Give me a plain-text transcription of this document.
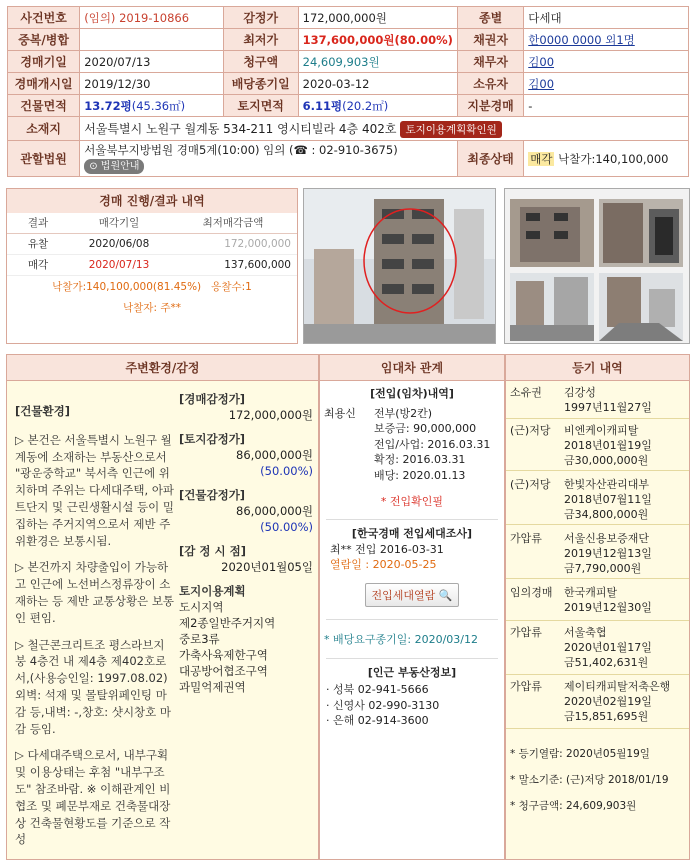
사건번호	(임의) 2019-10866	감정가	172,000,000원	종별	다세대
중복/병합		최저가	137,600,000원(80.00%)	채권자	한0000 0000 외1명
경매기일	2020/07/13	청구액	24,609,903원	채무자	김00
경매개시일	2019/12/30	배당종기일	2020-03-12	소유자	김00
건물면적	13.72평(45.36㎡)	토지면적	6.11평(20.2㎡)	지분경매	-
소재지	서울특별시 노원구 월계동 534-211 영시티빌라 4층 402호 토지이용계획확인원				
관할법원	서울북부지방법원 경매5계(10:00) 임의 (☎ : 02-910-3675)
⊙ 법원안내			최종상태	매각 낙찰가:140,100,000
경매 진행/결과 내역
결과	매각기일	최저매각금액
유찰	2020/06/08	172,000,000
매각	2020/07/13	137,600,000
낙찰가:140,100,000(81.45%) 응찰수:1
낙찰자: 주**
주변환경/감정

[건물환경]

▷ 본건은 서울특별시 노원구 월계동에 소재하는 부동산으로서 "광운중학교" 북서측 인근에 위치하며 주위는 다세대주택, 아파트단지 및 근린생활시설 등이 밀집하는 주거지역으로서 제반 주위환경은 보통시됨.

▷ 본건까지 차량출입이 가능하고 인근에 노선버스정류장이 소재하는 등 제반 교통상황은 보통인 편임.

▷ 철근콘크리트조 평스라브지붕 4층건 내 제4층 제402호로서,(사용승인일: 1997.08.02)외벽: 석재 및 몰탈위페인팅 마감 등,내벽: -,창호: 샷시창호 마감 등임.

▷ 다세대주택으로서, 내부구획 및 이용상태는 후첨 "내부구조도" 참조바람. ※ 이해관계인 비협조 및 폐문부재로 건축물대장상 건축물현황도를 기준으로 작성

[경매감정가]
172,000,000원
[토지감정가]
86,000,000원
(50.00%)
[건물감정가]
86,000,000원
(50.00%)
[감 정 시 점]
2020년01월05일
토지이용계획
도시지역
제2종일반주거지역
중로3류
가축사육제한구역
대공방어협조구역
과밀억제권역
임대차 관계
[전입(임차)내역]
최용신 전부(방2칸)
보증금: 90,000,000
전입/사업: 2016.03.31
확정: 2016.03.31
배당: 2020.01.13
* 전입확인필
[한국경매 전입세대조사]
최** 전입 2016-03-31
열람일 : 2020-05-25
전입세대열람 🔍
* 배당요구종기일: 2020/03/12
[인근 부동산정보]
· 성북 02-941-5666
· 신영사 02-990-3130
· 은해 02-914-3600
등기 내역
소유권	김강성
1997년11월27일
(근)저당	비엔케이캐피탈
2018년01월19일
금30,000,000원
(근)저당	한빛자산관리대부
2018년07월11일
금34,800,000원
가압류	서울신용보증재단
2019년12월13일
금7,790,000원
임의경매	한국캐피탈
2019년12월30일
가압류	서울축협
2020년01월17일
금51,402,631원
가압류	제이티캐피탈저축은행
2020년02월19일
금15,851,695원
* 등기열람: 2020년05월19일
* 말소기준: (근)저당 2018/01/19
* 청구금액: 24,609,903원
